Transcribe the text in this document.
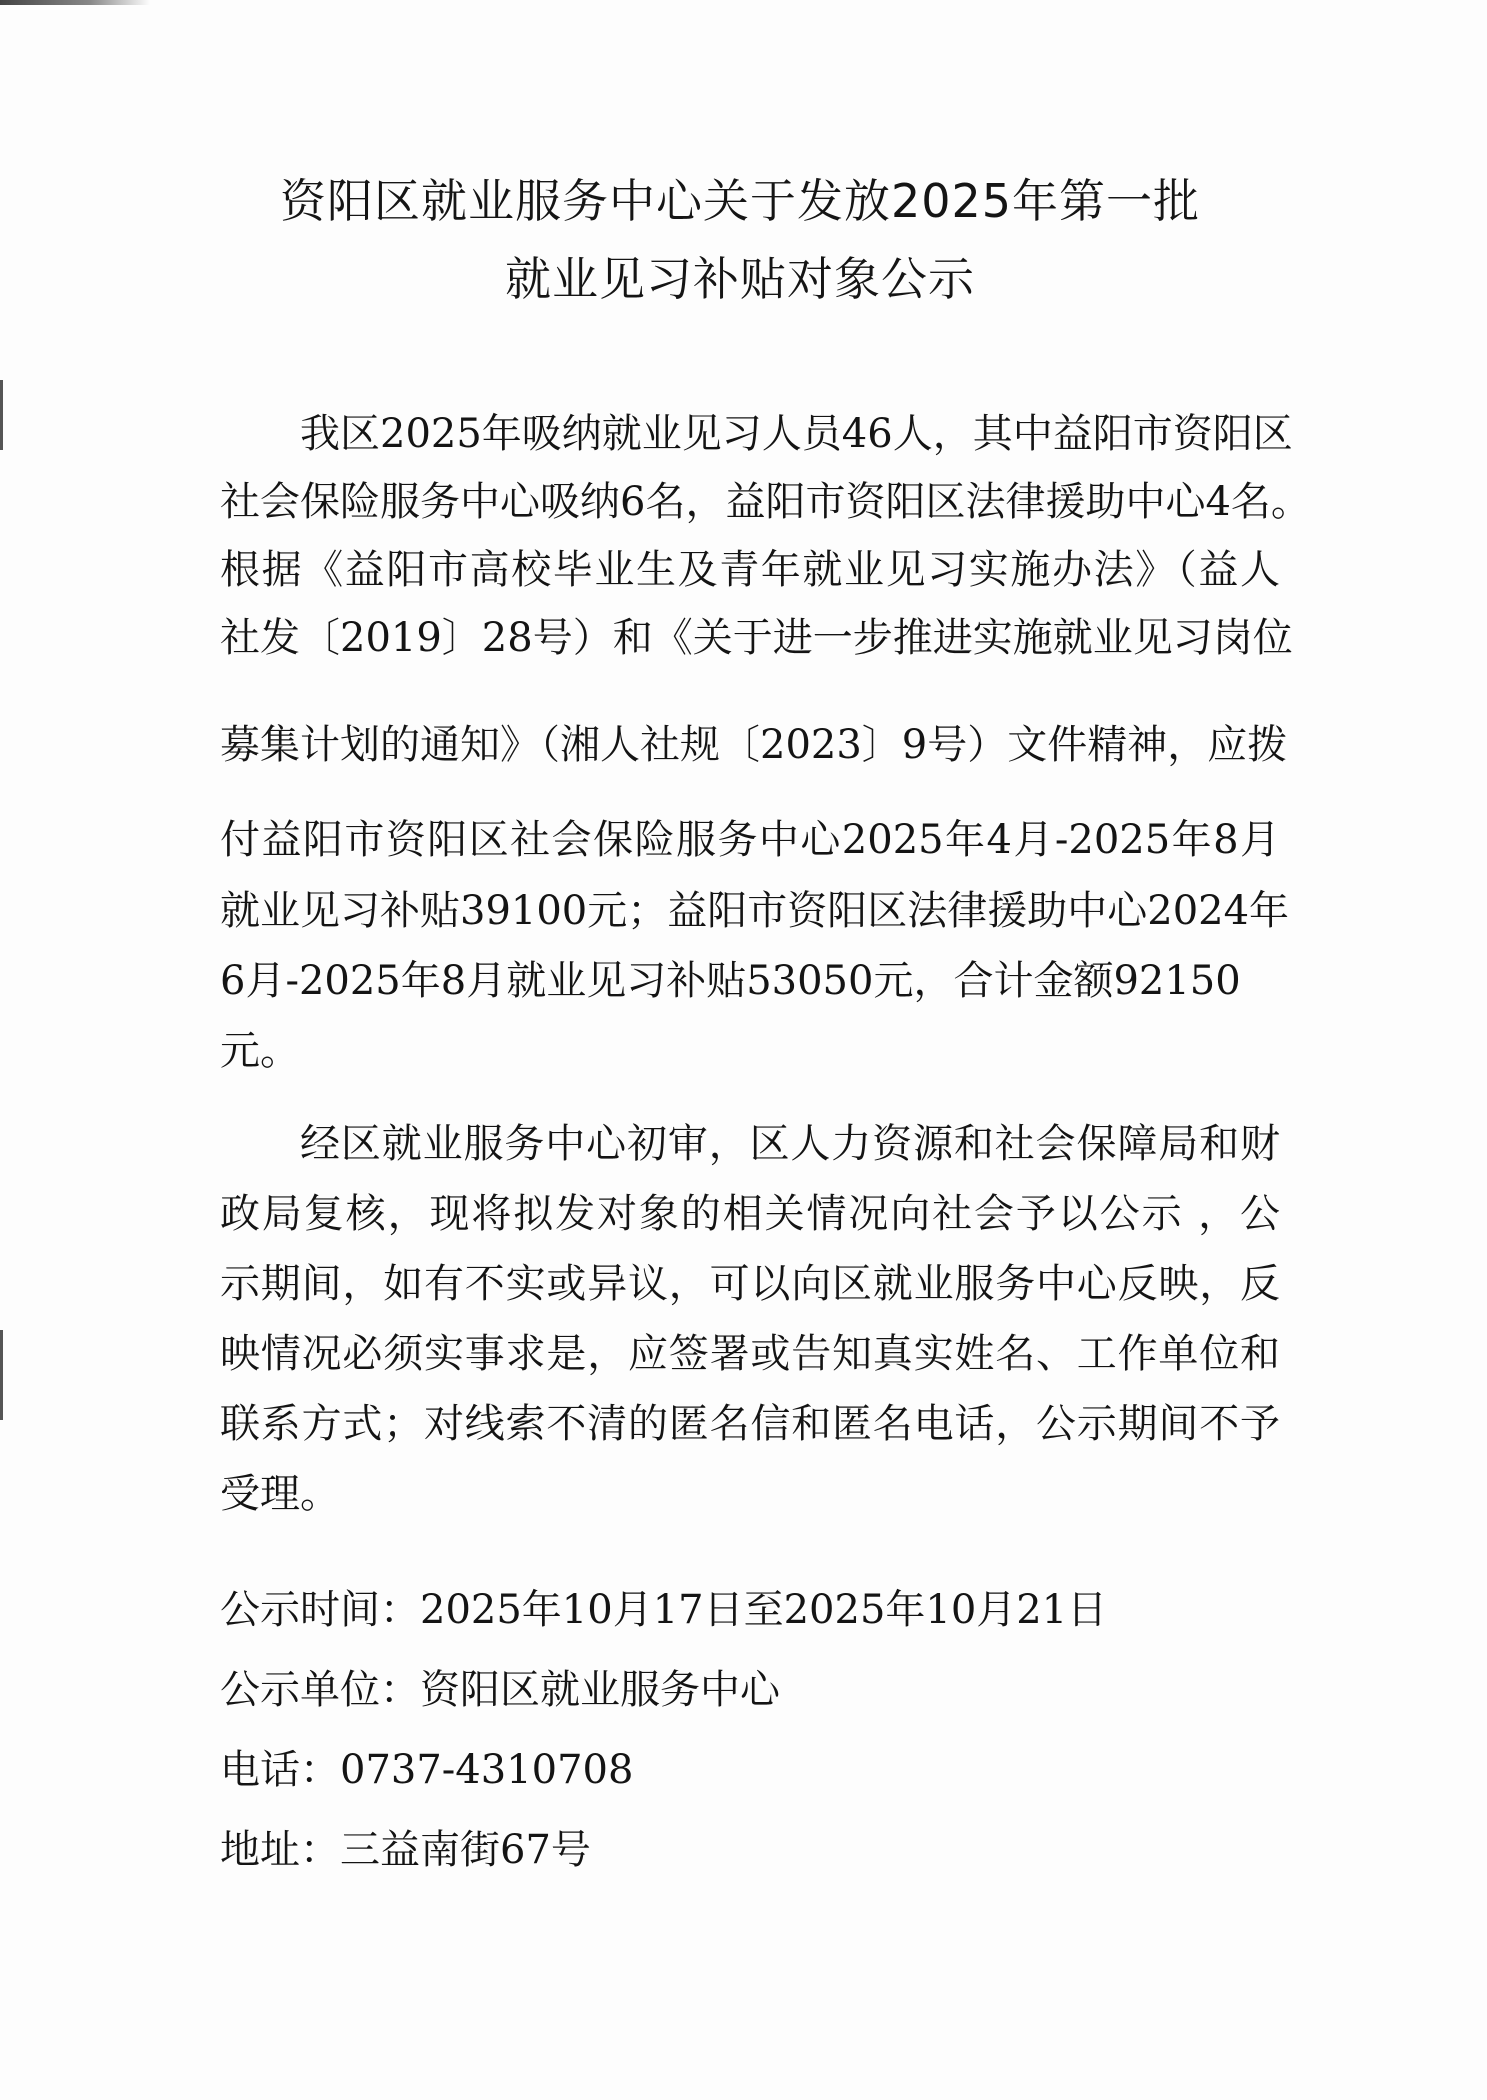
资阳区就业服务中心关于发放2025年第一批
就业见习补贴对象公示
我区2025年吸纳就业见习人员46人，其中益阳市资阳区
社会保险服务中心吸纳6名，益阳市资阳区法律援助中心4名。
根据《益阳市高校毕业生及青年就业见习实施办法》（益人
社发〔2019〕28号）和《关于进一步推进实施就业见习岗位
募集计划的通知》（湘人社规〔2023〕9号）文件精神，应拨
付益阳市资阳区社会保险服务中心2025年4月-2025年8月
就业见习补贴39100元；益阳市资阳区法律援助中心2024年
6月-2025年8月就业见习补贴53050元，合计金额92150
元。
经区就业服务中心初审，区人力资源和社会保障局和财
政局复核，现将拟发对象的相关情况向社会予以公示 ，公
示期间，如有不实或异议，可以向区就业服务中心反映，反
映情况必须实事求是，应签署或告知真实姓名、工作单位和
联系方式；对线索不清的匿名信和匿名电话，公示期间不予
受理。
公示时间：2025年10月17日至2025年10月21日
公示单位：资阳区就业服务中心
电话：0737-4310708
地址：三益南街67号
